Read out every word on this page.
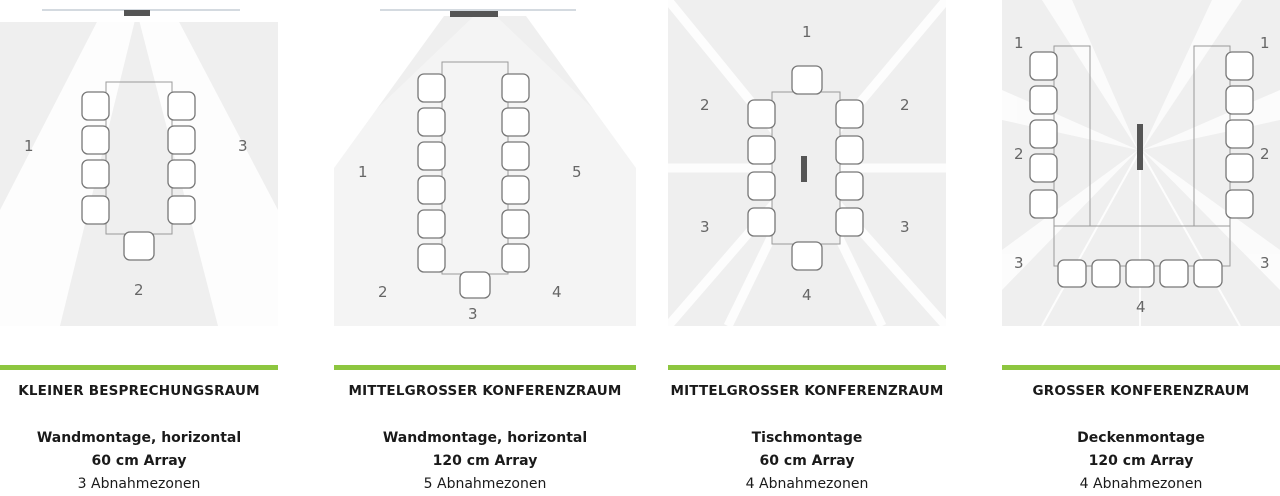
1
2
3
1
2
3
4
5
1
2	2
3	3
4
1	1
2	2
3	3
4
KLEINER BESPRECHUNGSRAUM	MITTELGROSSER KONFERENZRAUM	MITTELGROSSER KONFERENZRAUM	GROSSER KONFERENZRAUM
Wandmontage, horizontal
60 cm Array
3 Abnahmezonen
Wandmontage, horizontal
120 cm Array
5 Abnahmezonen
Tischmontage
60 cm Array
4 Abnahmezonen
Deckenmontage
120 cm Array
4 Abnahmezonen
